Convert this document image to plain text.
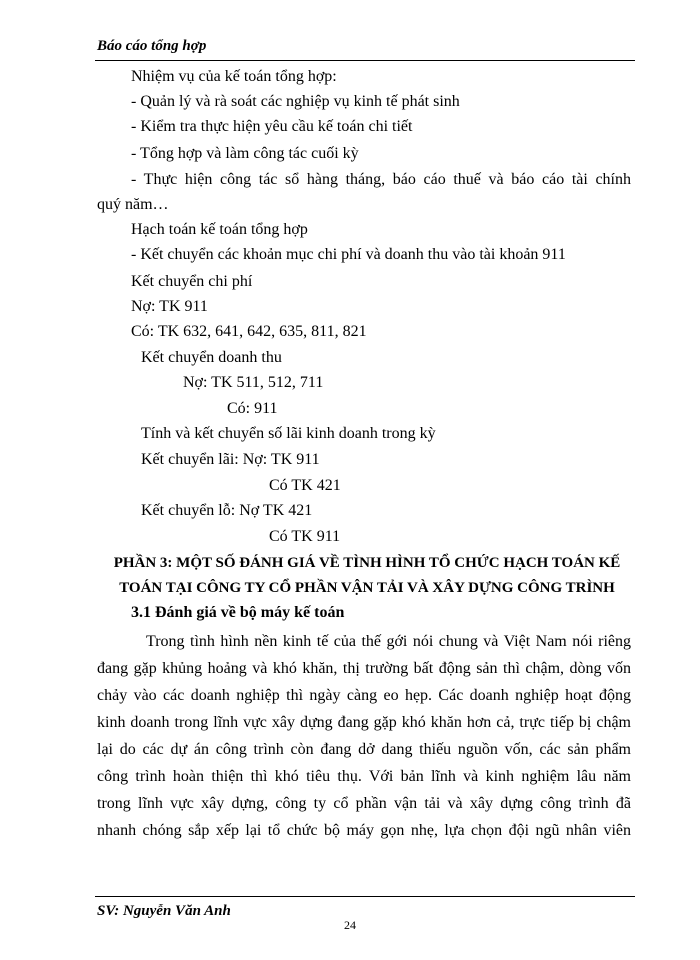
Báo cáo tổng hợp
Nhiệm vụ của kế toán tổng hợp:
- Quản lý và rà soát các nghiệp vụ kinh tế phát sinh
- Kiểm tra thực hiện yêu cầu kế toán chi tiết
- Tổng hợp và làm công tác cuối kỳ
- Thực hiện công tác sổ hàng tháng, báo cáo thuế và báo cáo tài chính
quý năm…
Hạch toán kế toán tổng hợp
- Kết chuyển các khoản mục chi phí và doanh thu vào tài khoản 911
Kết chuyển chi phí
Nợ: TK 911
Có: TK 632, 641, 642, 635, 811, 821
Kết chuyển doanh thu
Nợ: TK 511, 512, 711
Có: 911
Tính và kết chuyển số lãi kinh doanh trong kỳ
Kết chuyển lãi: Nợ: TK 911
Có TK 421
Kết chuyển lỗ: Nợ TK 421
Có TK 911
PHẦN 3: MỘT SỐ ĐÁNH GIÁ VỀ TÌNH HÌNH TỔ CHỨC HẠCH TOÁN KẾ
TOÁN TẠI CÔNG TY CỔ PHẦN VẬN TẢI VÀ XÂY DỰNG CÔNG TRÌNH
3.1 Đánh giá về bộ máy kế toán
Trong tình hình nền kinh tế của thế gới nói chung và Việt Nam nói riêng
đang gặp khủng hoảng và khó khăn, thị trường bất động sản thì chậm, dòng vốn
chảy vào các doanh nghiệp thì ngày càng eo hẹp. Các doanh nghiệp hoạt động
kinh doanh trong lĩnh vực xây dựng đang gặp khó khăn hơn cả, trực tiếp bị chậm
lại do các dự án công trình còn đang dở dang thiếu nguồn vốn, các sản phẩm
công trình hoàn thiện thì khó tiêu thụ. Với bản lĩnh và kinh nghiệm lâu năm
trong lĩnh vực xây dựng, công ty cổ phần vận tải và xây dựng công trình đã
nhanh chóng sắp xếp lại tổ chức bộ máy gọn nhẹ, lựa chọn đội ngũ nhân viên
SV: Nguyễn Văn Anh
24
